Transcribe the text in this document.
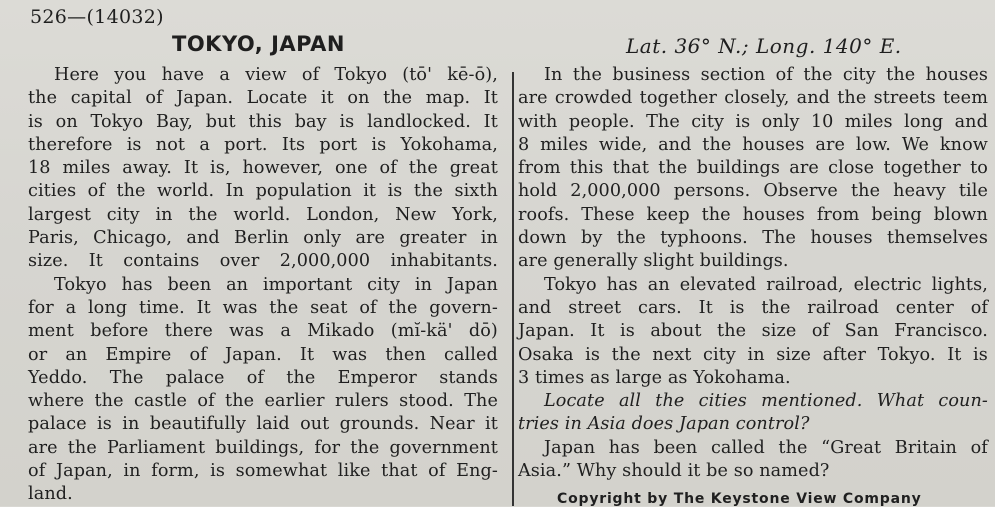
526—(14032)
TOKYO, JAPAN	Lat. 36° N.; Long. 140° E.
Here you have a view of Tokyo (tō' kē-ō),
the capital of Japan. Locate it on the map. It
is on Tokyo Bay, but this bay is landlocked. It
therefore is not a port. Its port is Yokohama,
18 miles away. It is, however, one of the great
cities of the world. In population it is the sixth
largest city in the world. London, New York,
Paris, Chicago, and Berlin only are greater in
size. It contains over 2,000,000 inhabitants.
Tokyo has been an important city in Japan
for a long time. It was the seat of the govern-
ment before there was a Mikado (mĭ-kä' dō)
or an Empire of Japan. It was then called
Yeddo. The palace of the Emperor stands
where the castle of the earlier rulers stood. The
palace is in beautifully laid out grounds. Near it
are the Parliament buildings, for the government
of Japan, in form, is somewhat like that of Eng-
land.
In the business section of the city the houses
are crowded together closely, and the streets teem
with people. The city is only 10 miles long and
8 miles wide, and the houses are low. We know
from this that the buildings are close together to
hold 2,000,000 persons. Observe the heavy tile
roofs. These keep the houses from being blown
down by the typhoons. The houses themselves
are generally slight buildings.
Tokyo has an elevated railroad, electric lights,
and street cars. It is the railroad center of
Japan. It is about the size of San Francisco.
Osaka is the next city in size after Tokyo. It is
3 times as large as Yokohama.
Locate all the cities mentioned. What coun-
tries in Asia does Japan control?
Japan has been called the “Great Britain of
Asia.” Why should it be so named?
Copyright by The Keystone View Company
